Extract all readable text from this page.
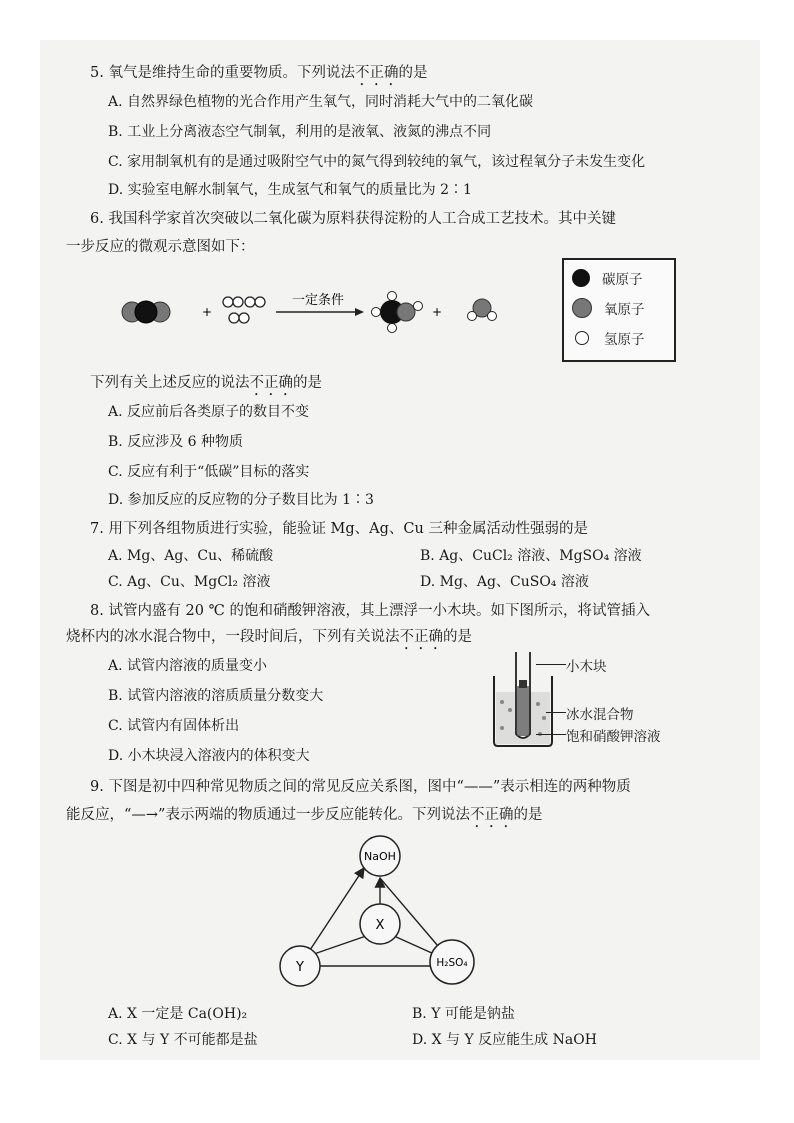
5. 氧气是维持生命的重要物质。下列说法不正确的是
A. 自然界绿色植物的光合作用产生氧气，同时消耗大气中的二氧化碳
B. 工业上分离液态空气制氧，利用的是液氧、液氮的沸点不同
C. 家用制氧机有的是通过吸附空气中的氮气得到较纯的氧气，该过程氧分子未发生变化
D. 实验室电解水制氧气，生成氢气和氧气的质量比为 2∶1
6. 我国科学家首次突破以二氧化碳为原料获得淀粉的人工合成工艺技术。其中关键
一步反应的微观示意图如下：
+
一定条件
+
碳原子
氧原子
氢原子
下列有关上述反应的说法不正确的是
A. 反应前后各类原子的数目不变
B. 反应涉及 6 种物质
C. 反应有利于“低碳”目标的落实
D. 参加反应的反应物的分子数目比为 1∶3
7. 用下列各组物质进行实验，能验证 Mg、Ag、Cu 三种金属活动性强弱的是
A. Mg、Ag、Cu、稀硫酸	B. Ag、CuCl₂ 溶液、MgSO₄ 溶液
C. Ag、Cu、MgCl₂ 溶液	D. Mg、Ag、CuSO₄ 溶液
8. 试管内盛有 20 ℃ 的饱和硝酸钾溶液，其上漂浮一小木块。如下图所示，将试管插入
烧杯内的冰水混合物中，一段时间后，下列有关说法不正确的是
A. 试管内溶液的质量变小
B. 试管内溶液的溶质质量分数变大
C. 试管内有固体析出
D. 小木块浸入溶液内的体积变大
小木块
冰水混合物
饱和硝酸钾溶液
9. 下图是初中四种常见物质之间的常见反应关系图，图中“——”表示相连的两种物质
能反应，“—→”表示两端的物质通过一步反应能转化。下列说法不正确的是
NaOH
X
Y	H₂SO₄
A. X 一定是 Ca(OH)₂	B. Y 可能是钠盐
C. X 与 Y 不可能都是盐	D. X 与 Y 反应能生成 NaOH
